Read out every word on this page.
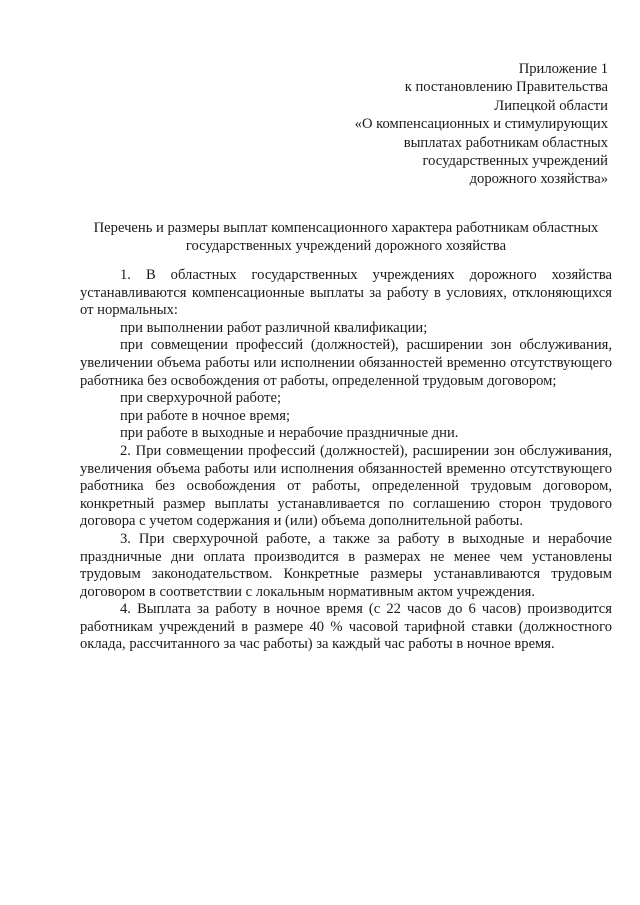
Приложение 1
к постановлению Правительства
Липецкой области
«О компенсационных и стимулирующих
выплатах работникам областных
государственных учреждений
дорожного хозяйства»
Перечень и размеры выплат компенсационного характера работникам областных государственных учреждений дорожного хозяйства

1. В областных государственных учреждениях дорожного хозяйства устанавливаются компенсационные выплаты за работу в условиях, отклоняющихся от нормальных:

при выполнении работ различной квалификации;

при совмещении профессий (должностей), расширении зон обслуживания, увеличении объема работы или исполнении обязанностей временно отсутствующего работника без освобождения от работы, определенной трудовым договором;

при сверхурочной работе;

при работе в ночное время;

при работе в выходные и нерабочие праздничные дни.

2. При совмещении профессий (должностей), расширении зон обслуживания, увеличения объема работы или исполнения обязанностей временно отсутствующего работника без освобождения от работы, определенной трудовым договором, конкретный размер выплаты устанавливается по соглашению сторон трудового договора с учетом содержания и (или) объема дополнительной работы.

3. При сверхурочной работе, а также за работу в выходные и нерабочие праздничные дни оплата производится в размерах не менее чем установлены трудовым законодательством. Конкретные размеры устанавливаются трудовым договором в соответствии с локальным нормативным актом учреждения.

4. Выплата за работу в ночное время (с 22 часов до 6 часов) производится работникам учреждений в размере 40 % часовой тарифной ставки (должностного оклада, рассчитанного за час работы) за каждый час работы в ночное время.
